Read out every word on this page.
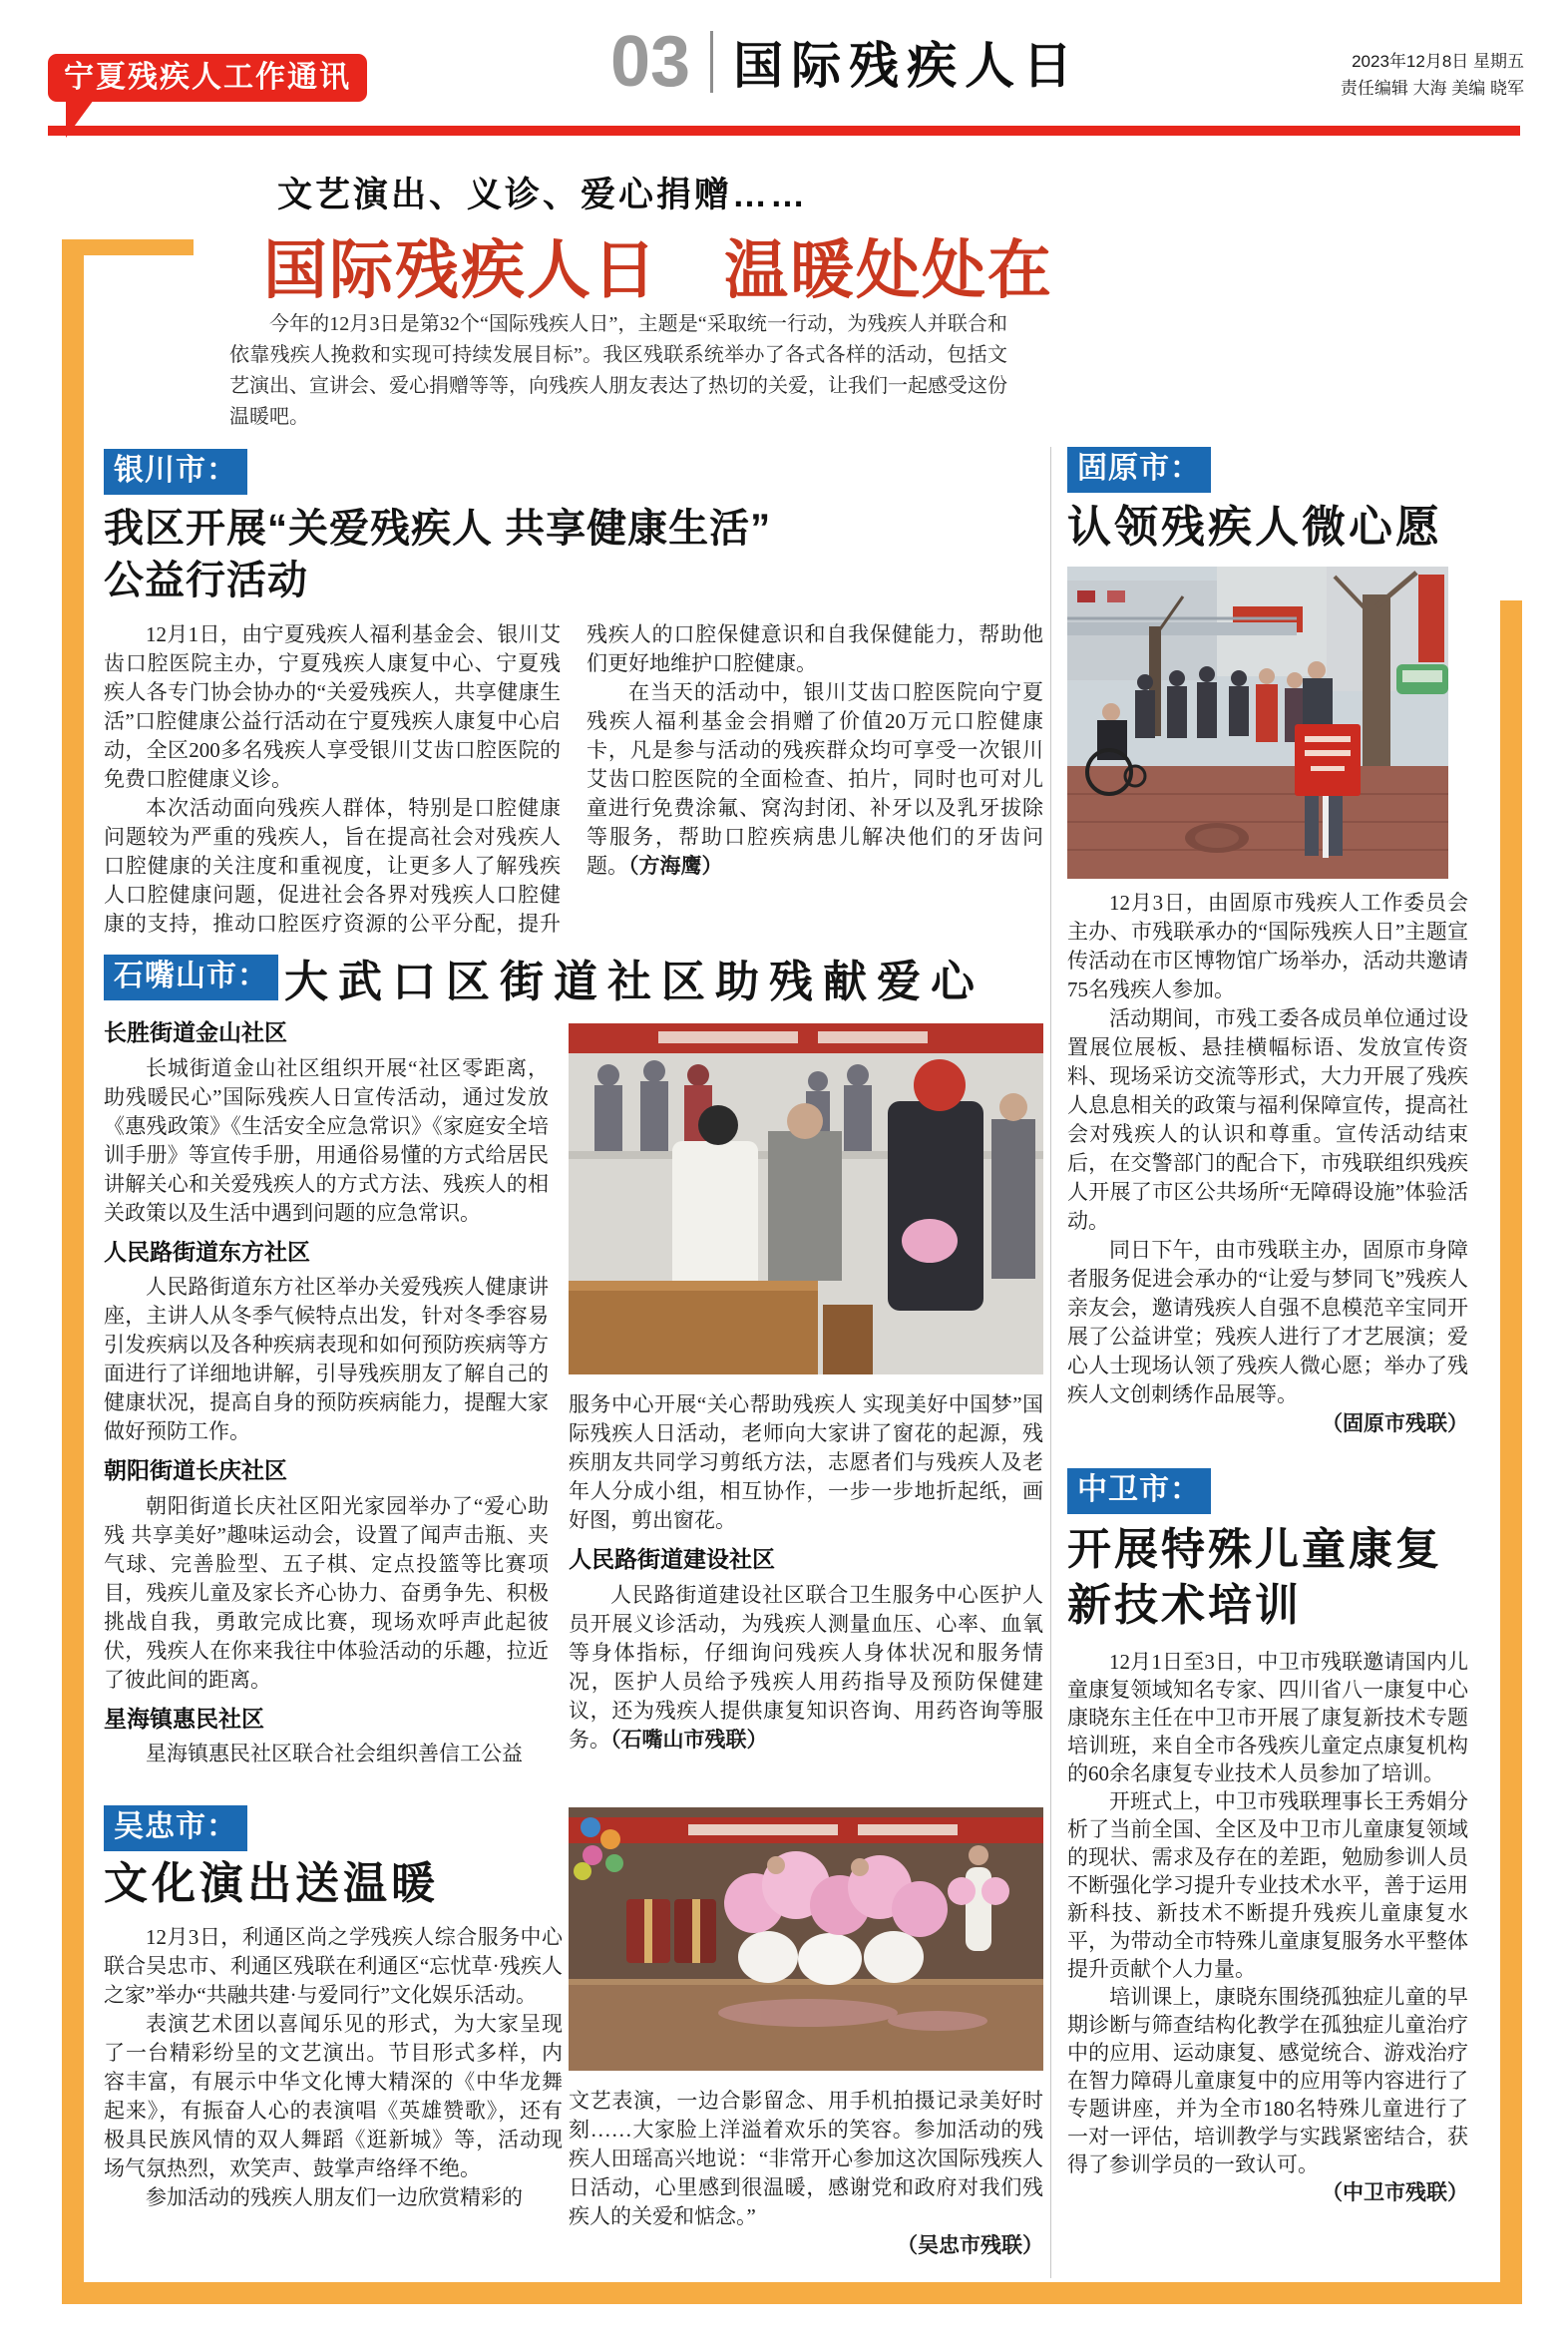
宁夏残疾人工作通讯	03 国际残疾人日	2023年12月8日 星期五
责任编辑 大海 美编 晓军
文艺演出、义诊、爱心捐赠……
国际残疾人日　温暖处处在
今年的12月3日是第32个“国际残疾人日”，主题是“采取统一行动，为残疾人并联合和依靠残疾人挽救和实现可持续发展目标”。我区残联系统举办了各式各样的活动，包括文艺演出、宣讲会、爱心捐赠等等，向残疾人朋友表达了热切的关爱，让我们一起感受这份温暖吧。
银川市：
我区开展“关爱残疾人 共享健康生活”
公益行活动

12月1日，由宁夏残疾人福利基金会、银川艾齿口腔医院主办，宁夏残疾人康复中心、宁夏残疾人各专门协会协办的“关爱残疾人，共享健康生活”口腔健康公益行活动在宁夏残疾人康复中心启动，全区200多名残疾人享受银川艾齿口腔医院的免费口腔健康义诊。

本次活动面向残疾人群体，特别是口腔健康问题较为严重的残疾人，旨在提高社会对残疾人口腔健康的关注度和重视度，让更多人了解残疾人口腔健康问题，促进社会各界对残疾人口腔健康的支持，推动口腔医疗资源的公平分配，提升残疾人的口腔保健意识和自我保健能力，帮助他们更好地维护口腔健康。

在当天的活动中，银川艾齿口腔医院向宁夏残疾人福利基金会捐赠了价值20万元口腔健康卡，凡是参与活动的残疾群众均可享受一次银川艾齿口腔医院的全面检查、拍片，同时也可对儿童进行免费涂氟、窝沟封闭、补牙以及乳牙拔除等服务，帮助口腔疾病患儿解决他们的牙齿问题。（方海鹰）

固原市：
认领残疾人微心愿

12月3日，由固原市残疾人工作委员会主办、市残联承办的“国际残疾人日”主题宣传活动在市区博物馆广场举办，活动共邀请75名残疾人参加。

活动期间，市残工委各成员单位通过设置展位展板、悬挂横幅标语、发放宣传资料、现场采访交流等形式，大力开展了残疾人息息相关的政策与福利保障宣传，提高社会对残疾人的认识和尊重。宣传活动结束后，在交警部门的配合下，市残联组织残疾人开展了市区公共场所“无障碍设施”体验活动。

同日下午，由市残联主办，固原市身障者服务促进会承办的“让爱与梦同飞”残疾人亲友会，邀请残疾人自强不息模范辛宝同开展了公益讲堂；残疾人进行了才艺展演；爱心人士现场认领了残疾人微心愿；举办了残疾人文创刺绣作品展等。

（固原市残联）
石嘴山市： 大武口区街道社区助残献爱心
长胜街道金山社区

长城街道金山社区组织开展“社区零距离，助残暖民心”国际残疾人日宣传活动，通过发放《惠残政策》《生活安全应急常识》《家庭安全培训手册》等宣传手册，用通俗易懂的方式给居民讲解关心和关爱残疾人的方式方法、残疾人的相关政策以及生活中遇到问题的应急常识。

人民路街道东方社区

人民路街道东方社区举办关爱残疾人健康讲座，主讲人从冬季气候特点出发，针对冬季容易引发疾病以及各种疾病表现和如何预防疾病等方面进行了详细地讲解，引导残疾朋友了解自己的健康状况，提高自身的预防疾病能力，提醒大家做好预防工作。

朝阳街道长庆社区

朝阳街道长庆社区阳光家园举办了“爱心助残 共享美好”趣味运动会，设置了闻声击瓶、夹气球、完善脸型、五子棋、定点投篮等比赛项目，残疾儿童及家长齐心协力、奋勇争先、积极挑战自我，勇敢完成比赛，现场欢呼声此起彼伏，残疾人在你来我往中体验活动的乐趣，拉近了彼此间的距离。

星海镇惠民社区

星海镇惠民社区联合社会组织善信工公益

服务中心开展“关心帮助残疾人 实现美好中国梦”国际残疾人日活动，老师向大家讲了窗花的起源，残疾朋友共同学习剪纸方法，志愿者们与残疾人及老年人分成小组，相互协作，一步一步地折起纸，画好图，剪出窗花。

人民路街道建设社区

人民路街道建设社区联合卫生服务中心医护人员开展义诊活动，为残疾人测量血压、心率、血氧等身体指标，仔细询问残疾人身体状况和服务情况，医护人员给予残疾人用药指导及预防保健建议，还为残疾人提供康复知识咨询、用药咨询等服务。（石嘴山市残联）

吴忠市：
文化演出送温暖

12月3日，利通区尚之学残疾人综合服务中心联合吴忠市、利通区残联在利通区“忘忧草·残疾人之家”举办“共融共建·与爱同行”文化娱乐活动。

表演艺术团以喜闻乐见的形式，为大家呈现了一台精彩纷呈的文艺演出。节目形式多样，内容丰富，有展示中华文化博大精深的《中华龙舞起来》，有振奋人心的表演唱《英雄赞歌》，还有极具民族风情的双人舞蹈《逛新城》等，活动现场气氛热烈，欢笑声、鼓掌声络绎不绝。

参加活动的残疾人朋友们一边欣赏精彩的

文艺表演，一边合影留念、用手机拍摄记录美好时刻……大家脸上洋溢着欢乐的笑容。参加活动的残疾人田瑶高兴地说：“非常开心参加这次国际残疾人日活动，心里感到很温暖，感谢党和政府对我们残疾人的关爱和惦念。”

（吴忠市残联）
中卫市：
开展特殊儿童康复
新技术培训

12月1日至3日，中卫市残联邀请国内儿童康复领域知名专家、四川省八一康复中心康晓东主任在中卫市开展了康复新技术专题培训班，来自全市各残疾儿童定点康复机构的60余名康复专业技术人员参加了培训。

开班式上，中卫市残联理事长王秀娟分析了当前全国、全区及中卫市儿童康复领域的现状、需求及存在的差距，勉励参训人员不断强化学习提升专业技术水平，善于运用新科技、新技术不断提升残疾儿童康复水平，为带动全市特殊儿童康复服务水平整体提升贡献个人力量。

培训课上，康晓东围绕孤独症儿童的早期诊断与筛查结构化教学在孤独症儿童治疗中的应用、运动康复、感觉统合、游戏治疗在智力障碍儿童康复中的应用等内容进行了专题讲座，并为全市180名特殊儿童进行了一对一评估，培训教学与实践紧密结合，获得了参训学员的一致认可。

（中卫市残联）
